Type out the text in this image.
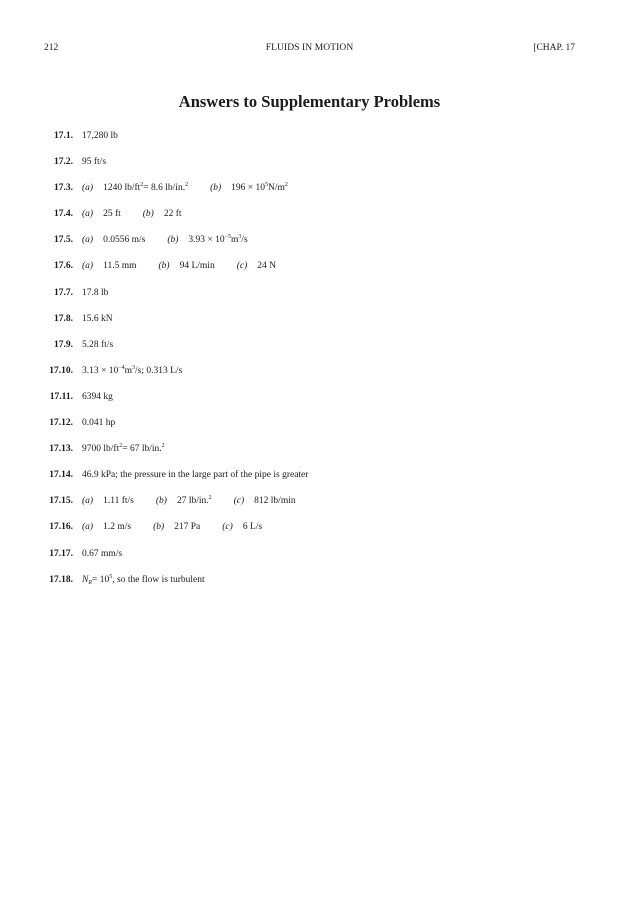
212	FLUIDS IN MOTION	[CHAP. 17
Answers to Supplementary Problems
17.1. 17,280 lb
17.2. 95 ft/s
17.3. (a) 1240 $lb/ft^2= 8.6$ lb/in.$^2$ (b) $196 \times 10^5N/m^2$
17.4. (a) 25 ft (b) 22 ft
17.5. (a) 0.0556 m/s (b) $3.93 \times 10^{-5}m^3/s$
17.6. (a) 11.5 mm (b) 94 L/min (c) 24 N
17.7. 17.8 lb
17.8. 15.6 kN
17.9. 5.28 ft/s
17.10. $3.13 \times 10^{-4}m^3/s$; 0.313 L/s
17.11. 6394 kg
17.12. 0.041 hp
17.13. 9700 $lb/ft^2= 67$ lb/in.$^2$
17.14. 46.9 kPa; the pressure in the large part of the pipe is greater
17.15. (a) 1.11 ft/s (b) 27 lb/in.$^2$ (c) 812 lb/min
17.16. (a) 1.2 m/s (b) 217 Pa (c) 6 L/s
17.17. 0.67 mm/s
17.18. $N_R= 10^5$, so the flow is turbulent
